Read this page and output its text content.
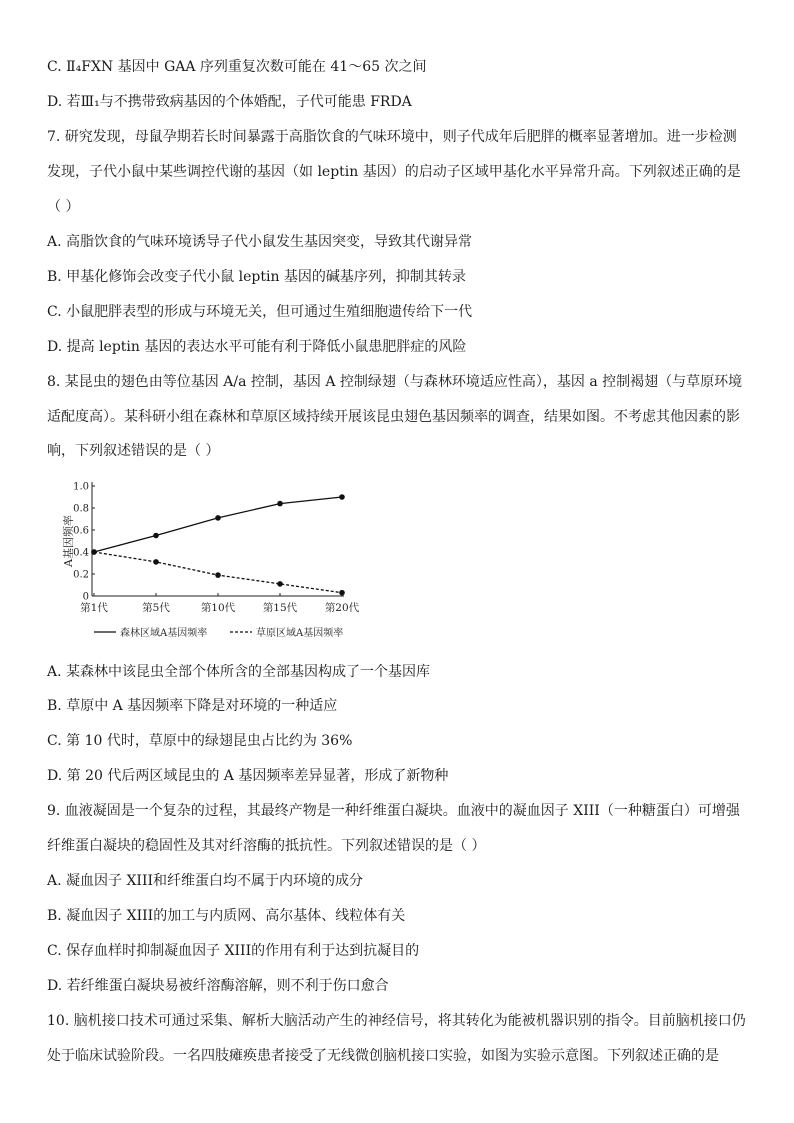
C. Ⅱ₄FXN 基因中 GAA 序列重复次数可能在 41～65 次之间
D. 若Ⅲ₁与不携带致病基因的个体婚配，子代可能患 FRDA
7. 研究发现，母鼠孕期若长时间暴露于高脂饮食的气味环境中，则子代成年后肥胖的概率显著增加。进一步检测
发现，子代小鼠中某些调控代谢的基因（如 leptin 基因）的启动子区域甲基化水平异常升高。下列叙述正确的是
（ ）
A. 高脂饮食的气味环境诱导子代小鼠发生基因突变，导致其代谢异常
B. 甲基化修饰会改变子代小鼠 leptin 基因的碱基序列，抑制其转录
C. 小鼠肥胖表型的形成与环境无关，但可通过生殖细胞遗传给下一代
D. 提高 leptin 基因的表达水平可能有利于降低小鼠患肥胖症的风险
8. 某昆虫的翅色由等位基因 A/a 控制，基因 A 控制绿翅（与森林环境适应性高），基因 a 控制褐翅（与草原环境
适配度高）。某科研小组在森林和草原区域持续开展该昆虫翅色基因频率的调查，结果如图。不考虑其他因素的影
响，下列叙述错误的是（ ）
0
0.2
0.4
0.6
0.8
1.0
第1代	第5代	第10代	第15代	第20代
A基因频率
森林区域A基因频率	草原区域A基因频率
A. 某森林中该昆虫全部个体所含的全部基因构成了一个基因库
B. 草原中 A 基因频率下降是对环境的一种适应
C. 第 10 代时，草原中的绿翅昆虫占比约为 36%
D. 第 20 代后两区域昆虫的 A 基因频率差异显著，形成了新物种
9. 血液凝固是一个复杂的过程，其最终产物是一种纤维蛋白凝块。血液中的凝血因子 XIII（一种糖蛋白）可增强
纤维蛋白凝块的稳固性及其对纤溶酶的抵抗性。下列叙述错误的是（ ）
A. 凝血因子 XIII和纤维蛋白均不属于内环境的成分
B. 凝血因子 XIII的加工与内质网、高尔基体、线粒体有关
C. 保存血样时抑制凝血因子 XIII的作用有利于达到抗凝目的
D. 若纤维蛋白凝块易被纤溶酶溶解，则不利于伤口愈合
10. 脑机接口技术可通过采集、解析大脑活动产生的神经信号，将其转化为能被机器识别的指令。目前脑机接口仍
处于临床试验阶段。一名四肢瘫痪患者接受了无线微创脑机接口实验，如图为实验示意图。下列叙述正确的是
